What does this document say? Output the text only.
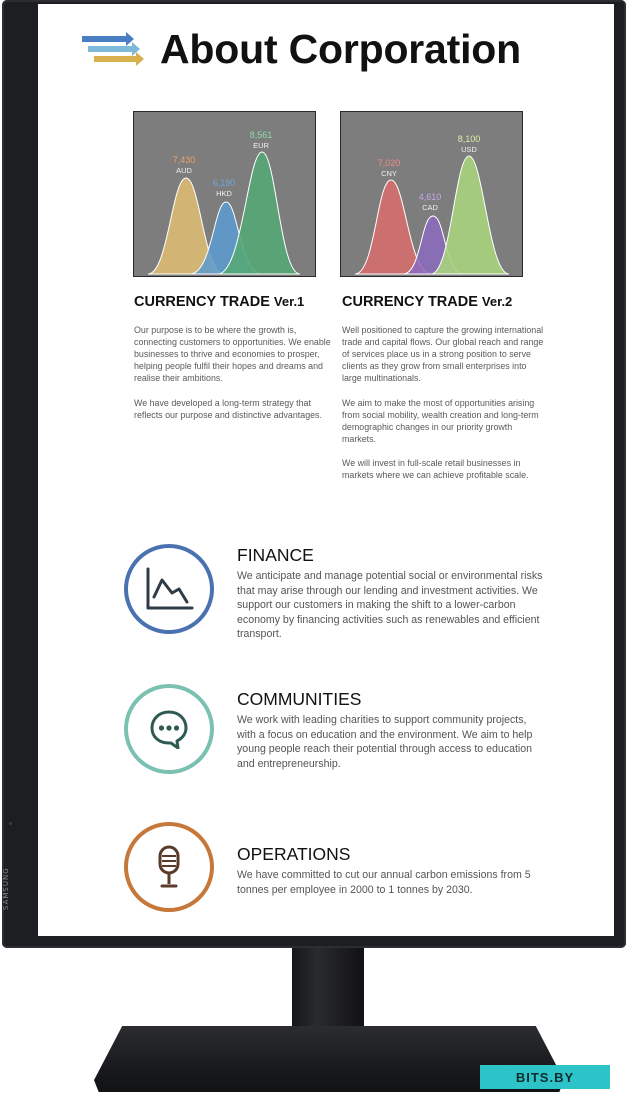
SAMSUNG
BITS.BY
About Corporation
7,430
AUD
6,190
HKD
8,561
EUR
7,020
CNY
4,610
CAD
8,100
USD
CURRENCY TRADE Ver.1	CURRENCY TRADE Ver.2

Our purpose is to be where the growth is, connecting customers to opportunities. We enable businesses to thrive and economies to prosper, helping people fulfil their hopes and dreams and realise their ambitions.

We have developed a long-term strategy that reflects our purpose and distinctive advantages.

Well positioned to capture the growing international trade and capital flows. Our global reach and range of services place us in a strong position to serve clients as they grow from small enterprises into large multinationals.

We aim to make the most of opportunities arising from social mobility, wealth creation and long-term demographic changes in our priority growth markets.

We will invest in full-scale retail businesses in markets where we can achieve profitable scale.

FINANCE

We anticipate and manage potential social or environmental risks that may arise through our lending and investment activities. We support our customers in making the shift to a lower-carbon economy by financing activities such as renewables and efficient transport.

COMMUNITIES

We work with leading charities to support community projects, with a focus on education and the environment. We aim to help young people reach their potential through access to education and entrepreneurship.

OPERATIONS

We have committed to cut our annual carbon emissions from 5 tonnes per employee in 2000 to 1 tonnes by 2030.
